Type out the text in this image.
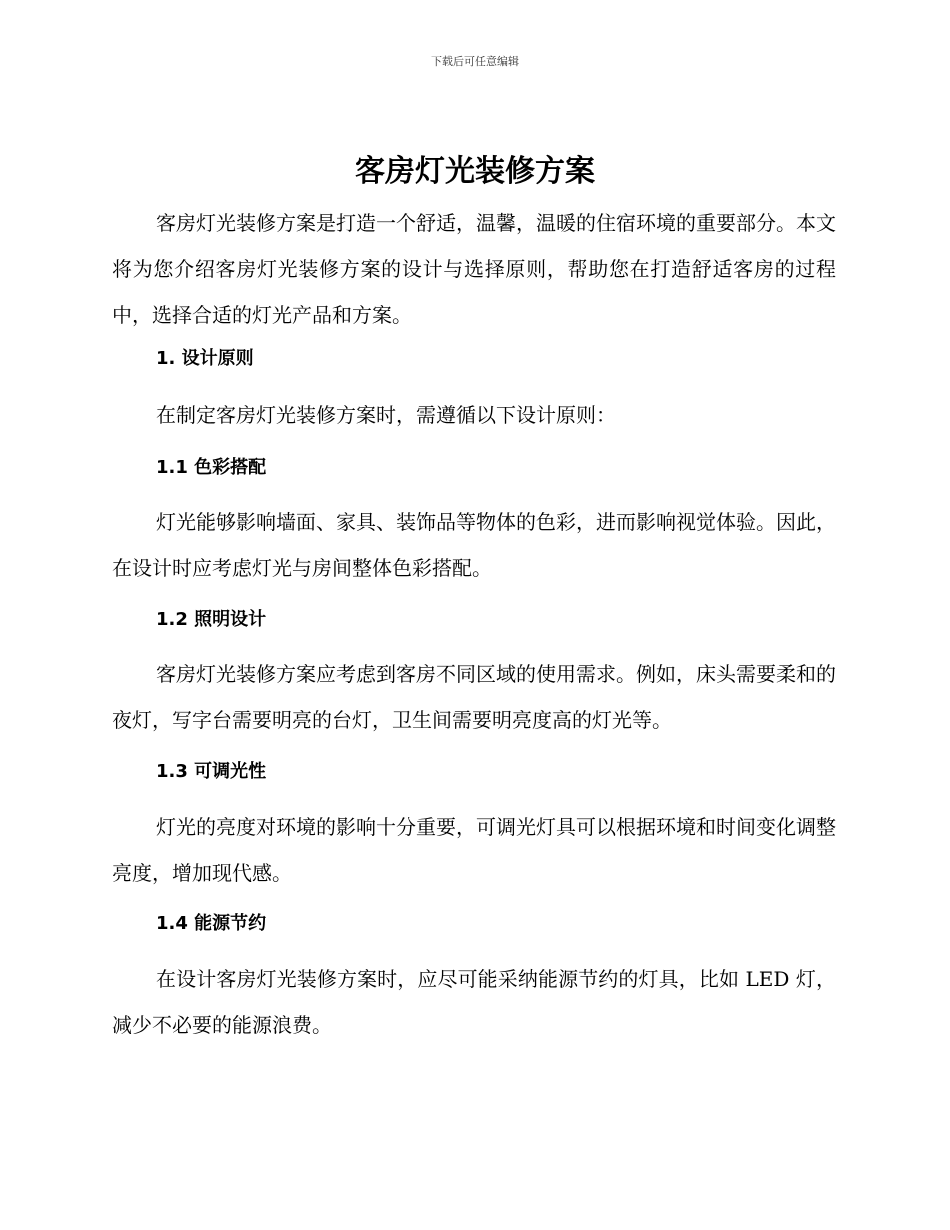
下载后可任意编辑
客房灯光装修方案

客房灯光装修方案是打造一个舒适，温馨，温暖的住宿环境的重要部分。本文将为您介绍客房灯光装修方案的设计与选择原则，帮助您在打造舒适客房的过程中，选择合适的灯光产品和方案。

1. 设计原则

在制定客房灯光装修方案时，需遵循以下设计原则：

1.1 色彩搭配

灯光能够影响墙面、家具、装饰品等物体的色彩，进而影响视觉体验。因此，在设计时应考虑灯光与房间整体色彩搭配。

1.2 照明设计

客房灯光装修方案应考虑到客房不同区域的使用需求。例如，床头需要柔和的夜灯，写字台需要明亮的台灯，卫生间需要明亮度高的灯光等。

1.3 可调光性

灯光的亮度对环境的影响十分重要，可调光灯具可以根据环境和时间变化调整亮度，增加现代感。

1.4 能源节约

在设计客房灯光装修方案时，应尽可能采纳能源节约的灯具，比如 LED 灯，减少不必要的能源浪费。
